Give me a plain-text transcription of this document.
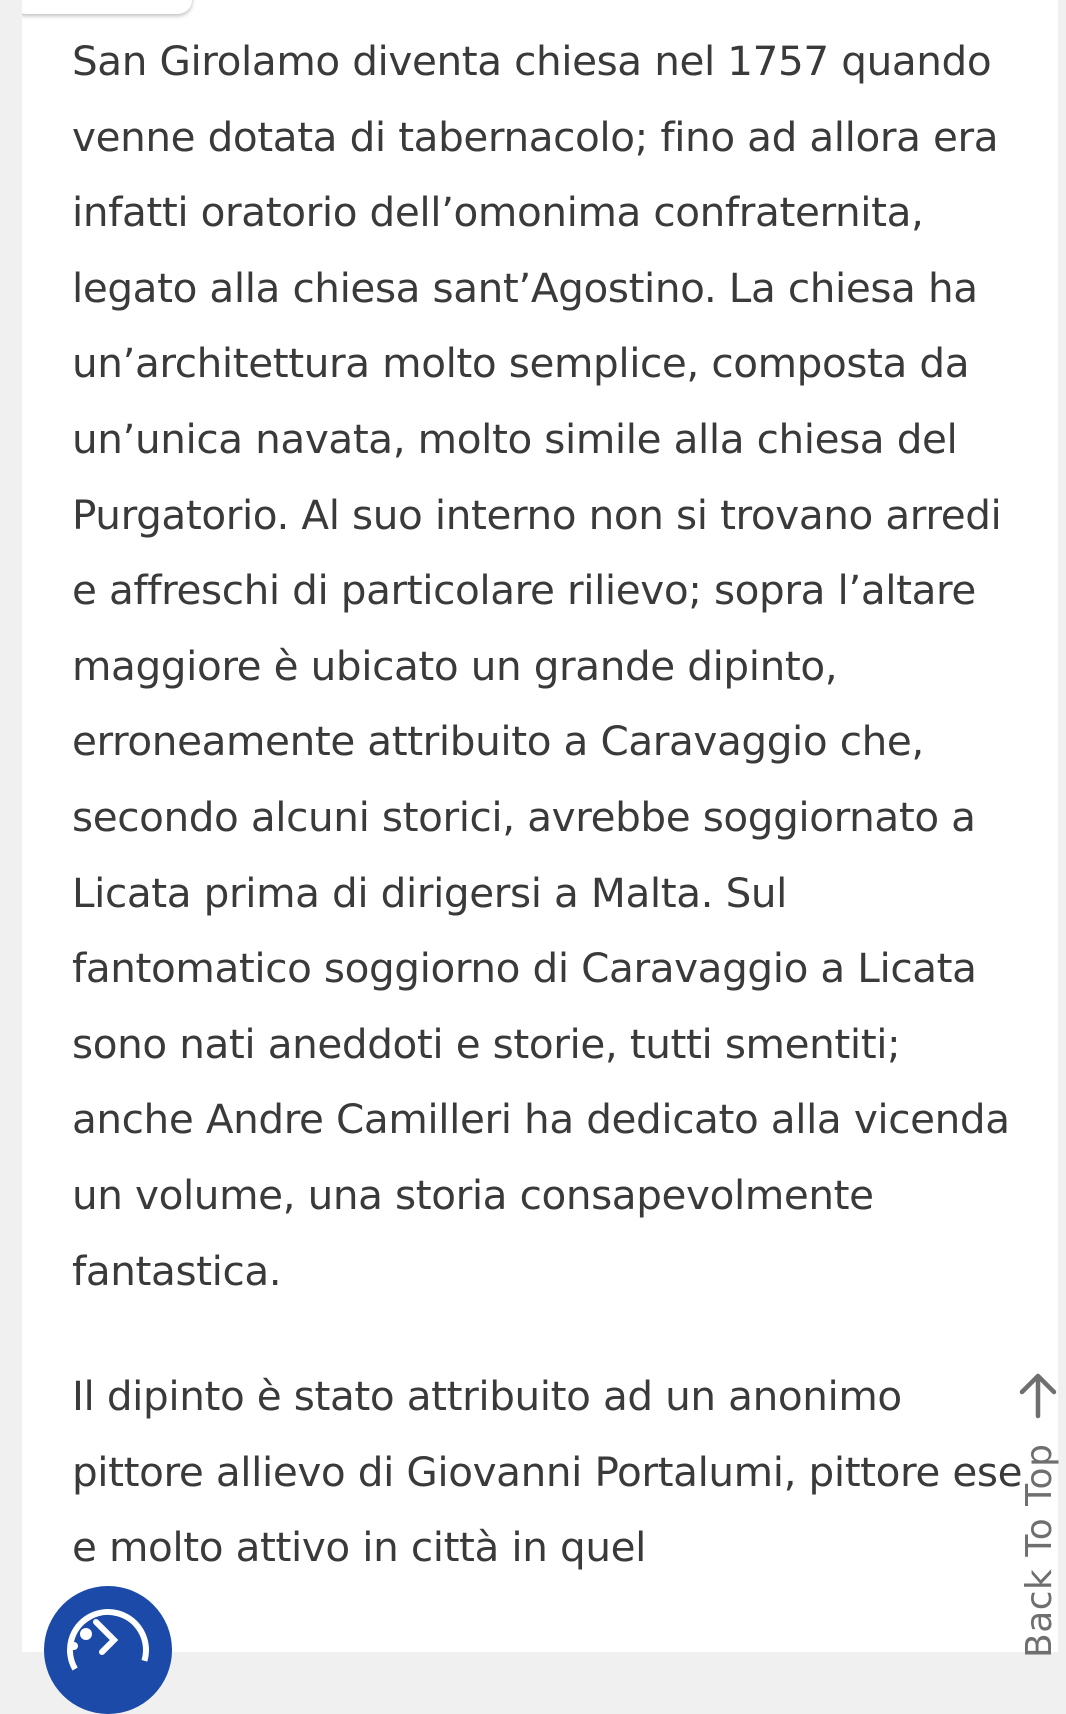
San Girolamo diventa chiesa nel 1757 quando venne dotata di tabernacolo; fino ad allora era infatti oratorio dell’omonima confraternita, legato alla chiesa sant’Agostino. La chiesa ha un’architettura molto semplice, composta da un’unica navata, molto simile alla chiesa del Purgatorio. Al suo interno non si trovano arredi e affreschi di particolare rilievo; sopra l’altare maggiore è ubicato un grande dipinto, erroneamente attribuito a Caravaggio che, secondo alcuni storici, avrebbe soggiornato a Licata prima di dirigersi a Malta. Sul fantomatico soggiorno di Caravaggio a Licata sono nati aneddoti e storie, tutti smentiti; anche Andre Camilleri ha dedicato alla vicenda un volume, una storia consapevolmente fantastica.

Il dipinto è stato attribuito ad un anonimo pittore allievo di Giovanni Portalumi, pittore ese e molto attivo in città in quel	Back To Top
